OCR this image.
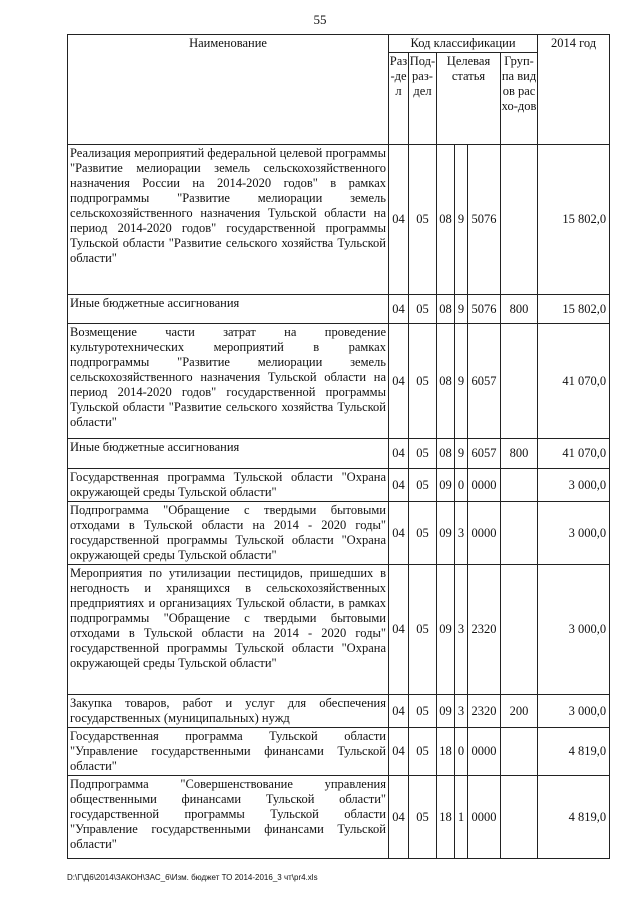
55
Наименование	Код классификации						2014 год
	Раз-дел	Под-раз-дел	Целевая статья			Груп-па видов расхо-дов	
Реализация мероприятий федеральной целевой программы "Развитие мелиорации земель сельскохозяйственного назначения России на 2014-2020 годов" в рамках подпрограммы "Развитие мелиорации земель сельскохозяйственного назначения Тульской области на период 2014-2020 годов" государственной программы Тульской области "Развитие сельского хозяйства Тульской области"	04	05	08	9	5076		15 802,0
Иные бюджетные ассигнования	04	05	08	9	5076	800	15 802,0
Возмещение части затрат на проведение культуротехнических мероприятий в рамках подпрограммы "Развитие мелиорации земель сельскохозяйственного назначения Тульской области на период 2014-2020 годов" государственной программы Тульской области "Развитие сельского хозяйства Тульской области"	04	05	08	9	6057		41 070,0
Иные бюджетные ассигнования	04	05	08	9	6057	800	41 070,0
Государственная программа Тульской области "Охрана окружающей среды Тульской области"	04	05	09	0	0000		3 000,0
Подпрограмма "Обращение с твердыми бытовыми отходами в Тульской области на 2014 - 2020 годы" государственной программы Тульской области "Охрана окружающей среды Тульской области"	04	05	09	3	0000		3 000,0
Мероприятия по утилизации пестицидов, пришедших в негодность и хранящихся в сельскохозяйственных предприятиях и организациях Тульской области, в рамках подпрограммы "Обращение с твердыми бытовыми отходами в Тульской области на 2014 - 2020 годы" государственной программы Тульской области "Охрана окружающей среды Тульской области"	04	05	09	3	2320		3 000,0
Закупка товаров, работ и услуг для обеспечения государственных (муниципальных) нужд	04	05	09	3	2320	200	3 000,0
Государственная программа Тульской области "Управление государственными финансами Тульской области"	04	05	18	0	0000		4 819,0
Подпрограмма "Совершенствование управления общественными финансами Тульской области" государственной программы Тульской области "Управление государственными финансами Тульской области"	04	05	18	1	0000		4 819,0
D:\Г\Д6\2014\ЗАКОН\ЗАС_6\Изм. бюджет ТО 2014-2016_3 чт\pr4.xls
